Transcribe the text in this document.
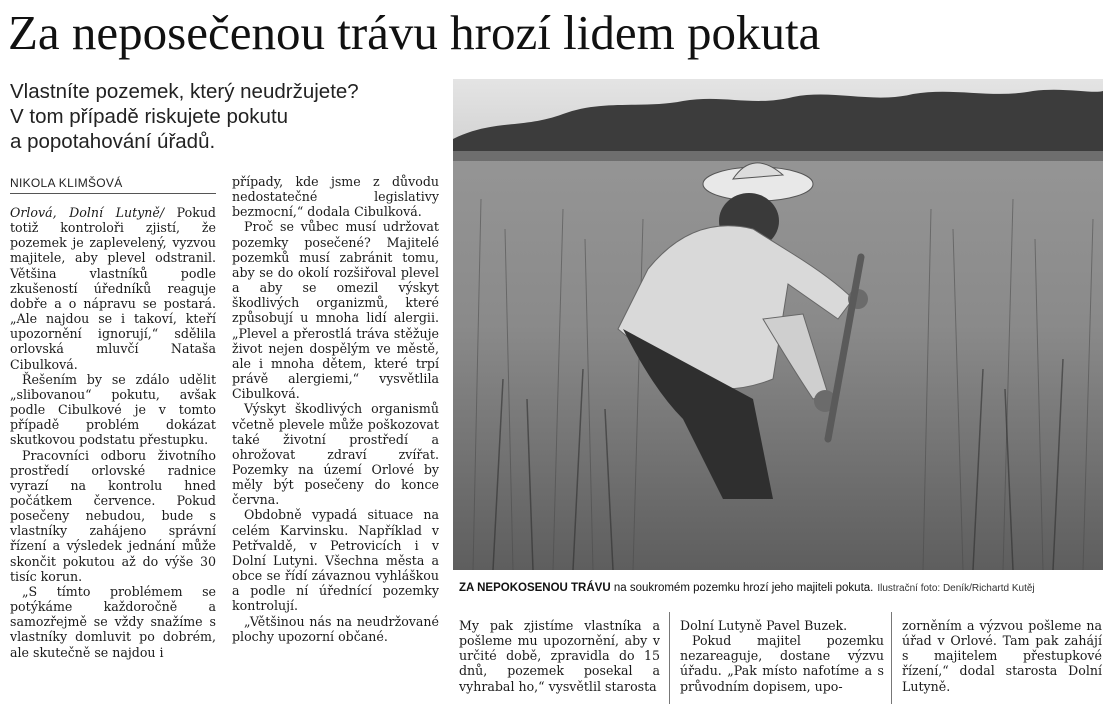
Za neposečenou trávu hrozí lidem pokuta
Vlastníte pozemek, který neudržujete?
V tom případě riskujete pokutu
a popotahování úřadů.
NIKOLA KLIMŠOVÁ

Orlová, Dolní Lutyně/ Pokud totiž kontroloři zjistí, že pozemek je zaplevelený, vyzvou majitele, aby plevel odstranil. Většina vlastníků podle zkušeností úředníků reaguje dobře a o nápravu se postará. „Ale najdou se i takoví, kteří upozornění ignorují,“ sdělila orlovská mluvčí Nataša Cibulková.

Řešením by se zdálo udělit „slibovanou“ pokutu, avšak podle Cibulkové je v tomto případě problém dokázat skutkovou podstatu přestupku.

Pracovníci odboru životního prostředí orlovské radnice vyrazí na kontrolu hned počátkem července. Pokud posečeny nebudou, bude s vlastníky zahájeno správní řízení a výsledek jednání může skončit pokutou až do výše 30 tisíc korun.

„S tímto problémem se potýkáme každoročně a samozřejmě se vždy snažíme s vlastníky domluvit po dobrém, ale skutečně se najdou i

případy, kde jsme z důvodu nedostatečné legislativy bezmocní,“ dodala Cibulková.

Proč se vůbec musí udržovat pozemky posečené? Majitelé pozemků musí zabránit tomu, aby se do okolí rozšiřoval plevel a aby se omezil výskyt škodlivých organizmů, které způsobují u mnoha lidí alergii. „Plevel a přerostlá tráva stěžuje život nejen dospělým ve městě, ale i mnoha dětem, které trpí právě alergiemi,“ vysvětlila Cibulková.

Výskyt škodlivých organismů včetně plevele může poškozovat také životní prostředí a ohrožovat zdraví zvířat. Pozemky na území Orlové by měly být posečeny do konce června.

Obdobně vypadá situace na celém Karvinsku. Například v Petřvaldě, v Petrovicích i v Dolní Lutyni. Všechna města a obce se řídí závaznou vyhláškou a podle ní úřednící pozemky kontrolují.

„Většinou nás na neudržované plochy upozorní občané.

ZA NEPOKOSENOU TRÁVU na soukromém pozemku hrozí jeho majiteli pokuta. Ilustrační foto: Deník/Richartd Kutěj

My pak zjistíme vlastníka a pošleme mu upozornění, aby v určité době, zpravidla do 15 dnů, pozemek posekal a vyhrabal ho,“ vysvětlil starosta

Dolní Lutyně Pavel Buzek.

Pokud majitel pozemku nezareaguje, dostane výzvu úřadu. „Pak místo nafotíme a s průvodním dopisem, upo-

zorněním a výzvou pošleme na úřad v Orlové. Tam pak zahájí s majitelem přestupkové řízení,“ dodal starosta Dolní Lutyně.
